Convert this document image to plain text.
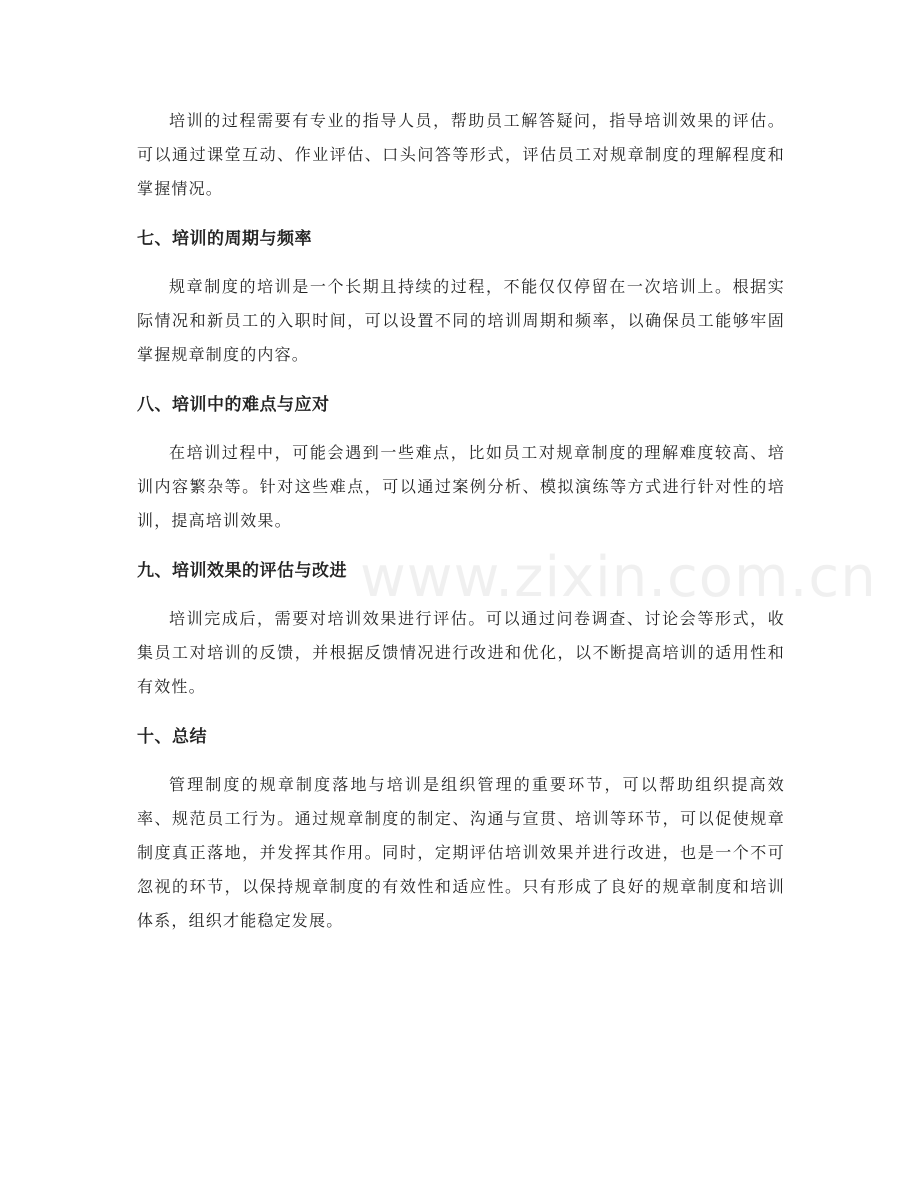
www.zixin.com.cn

培训的过程需要有专业的指导人员，帮助员工解答疑问，指导培训效果的评估。可以通过课堂互动、作业评估、口头问答等形式，评估员工对规章制度的理解程度和掌握情况。

七、培训的周期与频率

规章制度的培训是一个长期且持续的过程，不能仅仅停留在一次培训上。根据实际情况和新员工的入职时间，可以设置不同的培训周期和频率，以确保员工能够牢固掌握规章制度的内容。

八、培训中的难点与应对

在培训过程中，可能会遇到一些难点，比如员工对规章制度的理解难度较高、培训内容繁杂等。针对这些难点，可以通过案例分析、模拟演练等方式进行针对性的培训，提高培训效果。

九、培训效果的评估与改进

培训完成后，需要对培训效果进行评估。可以通过问卷调查、讨论会等形式，收集员工对培训的反馈，并根据反馈情况进行改进和优化，以不断提高培训的适用性和有效性。

十、总结

管理制度的规章制度落地与培训是组织管理的重要环节，可以帮助组织提高效率、规范员工行为。通过规章制度的制定、沟通与宣贯、培训等环节，可以促使规章制度真正落地，并发挥其作用。同时，定期评估培训效果并进行改进，也是一个不可忽视的环节，以保持规章制度的有效性和适应性。只有形成了良好的规章制度和培训体系，组织才能稳定发展。
